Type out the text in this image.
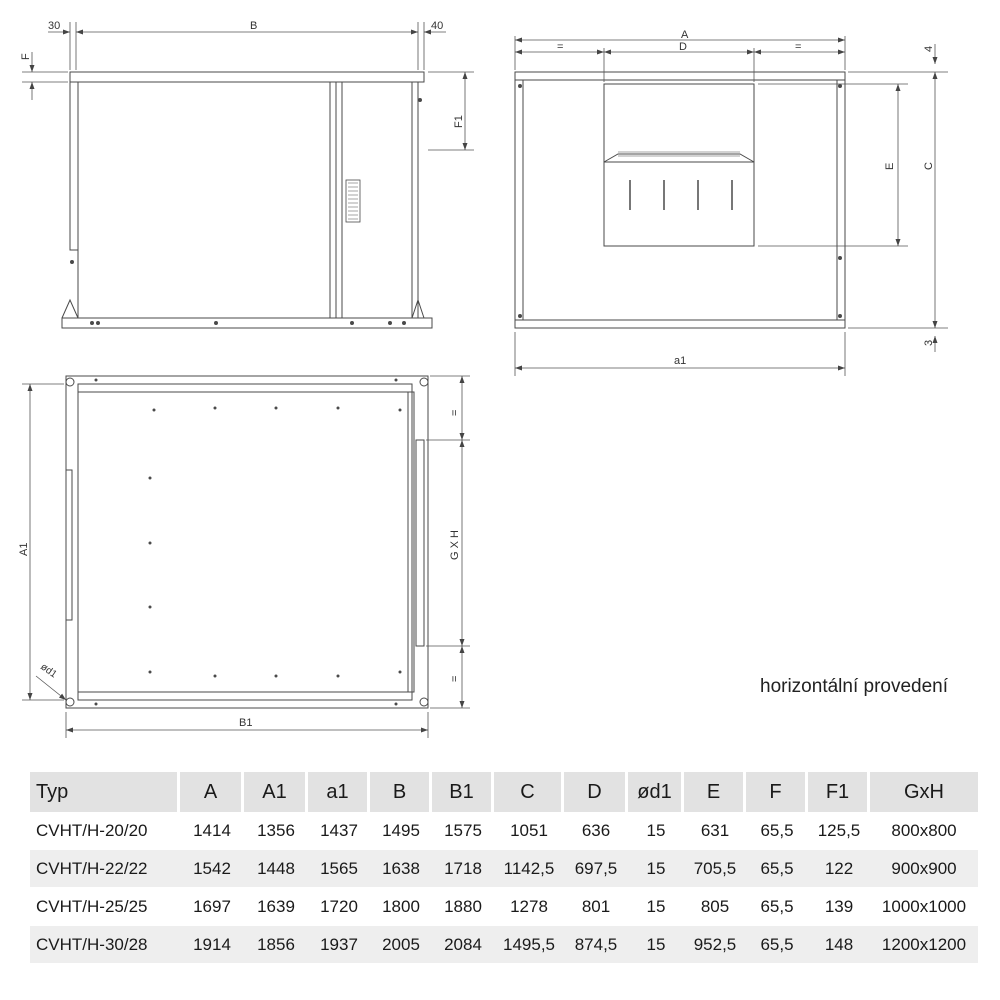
30	B	40
F
F1
A
=	D	=
E C
4
3
a1
A1
B1
ød1
G X H
=
=	horizontální provedení
Typ	A	A1	a1	B	B1	C	D	ød1	E	F	F1	GxH
CVHT/H-20/20	1414	1356	1437	1495	1575	1051	636	15	631	65,5	125,5	800x800
CVHT/H-22/22	1542	1448	1565	1638	1718	1142,5	697,5	15	705,5	65,5	122	900x900
CVHT/H-25/25	1697	1639	1720	1800	1880	1278	801	15	805	65,5	139	1000x1000
CVHT/H-30/28	1914	1856	1937	2005	2084	1495,5	874,5	15	952,5	65,5	148	1200x1200
